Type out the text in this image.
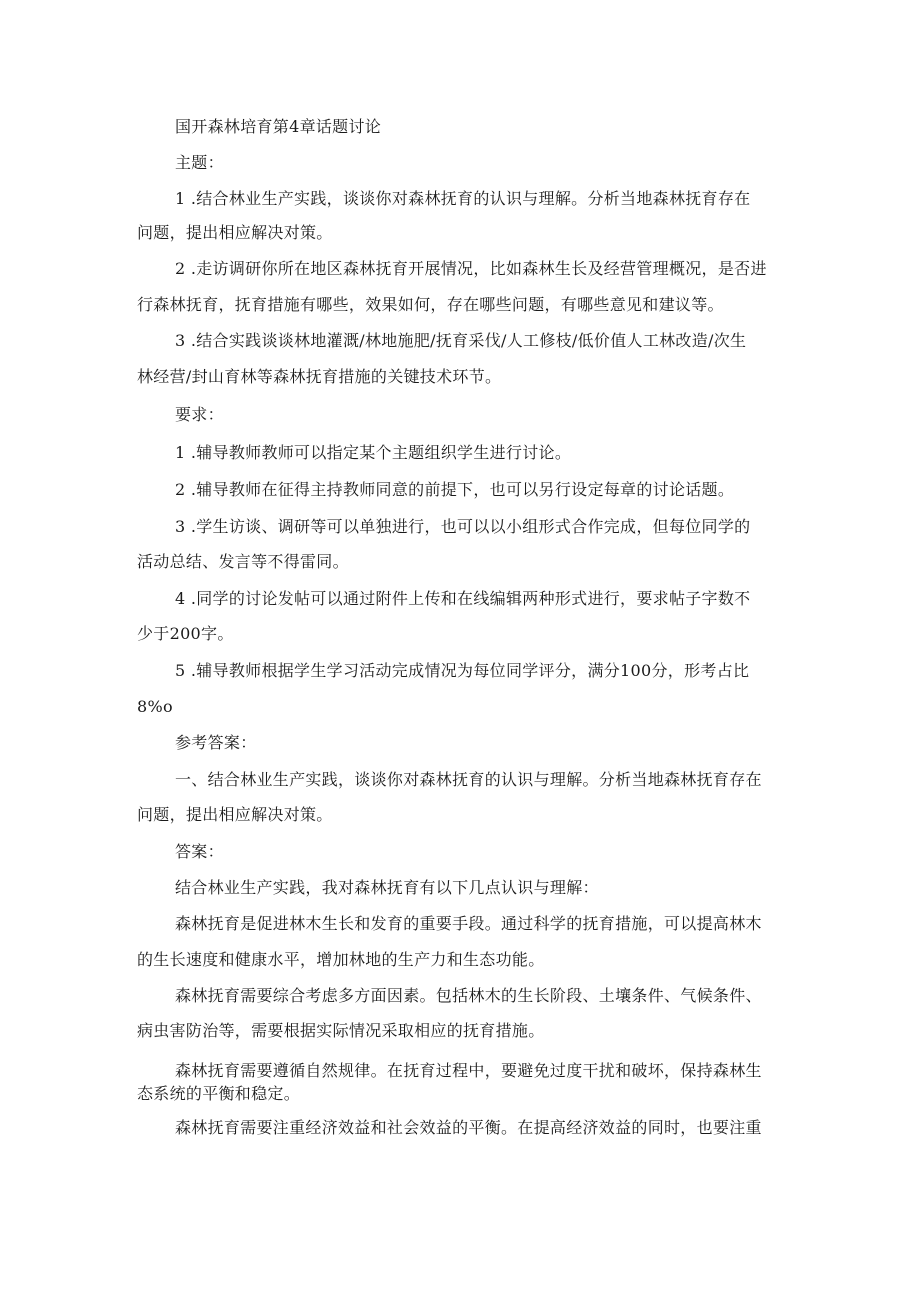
国开森林培育第4章话题讨论
主题：
1 .结合林业生产实践，谈谈你对森林抚育的认识与理解。分析当地森林抚育存在
问题，提出相应解决对策。
2 .走访调研你所在地区森林抚育开展情况，比如森林生长及经营管理概况，是否进
行森林抚育，抚育措施有哪些，效果如何，存在哪些问题，有哪些意见和建议等。
3 .结合实践谈谈林地灌溉/林地施肥/抚育采伐/人工修枝/低价值人工林改造/次生
林经营/封山育林等森林抚育措施的关键技术环节。
要求：
1 .辅导教师教师可以指定某个主题组织学生进行讨论。
2 .辅导教师在征得主持教师同意的前提下，也可以另行设定每章的讨论话题。
3 .学生访谈、调研等可以单独进行，也可以以小组形式合作完成，但每位同学的
活动总结、发言等不得雷同。
4 .同学的讨论发帖可以通过附件上传和在线编辑两种形式进行，要求帖子字数不
少于200字。
5 .辅导教师根据学生学习活动完成情况为每位同学评分，满分100分，形考占比
8%o
参考答案：
一、结合林业生产实践，谈谈你对森林抚育的认识与理解。分析当地森林抚育存在
问题，提出相应解决对策。
答案：
结合林业生产实践，我对森林抚育有以下几点认识与理解：
森林抚育是促进林木生长和发育的重要手段。通过科学的抚育措施，可以提高林木
的生长速度和健康水平，增加林地的生产力和生态功能。
森林抚育需要综合考虑多方面因素。包括林木的生长阶段、土壤条件、气候条件、
病虫害防治等，需要根据实际情况采取相应的抚育措施。
森林抚育需要遵循自然规律。在抚育过程中，要避免过度干扰和破坏，保持森林生
态系统的平衡和稳定。
森林抚育需要注重经济效益和社会效益的平衡。在提高经济效益的同时，也要注重
